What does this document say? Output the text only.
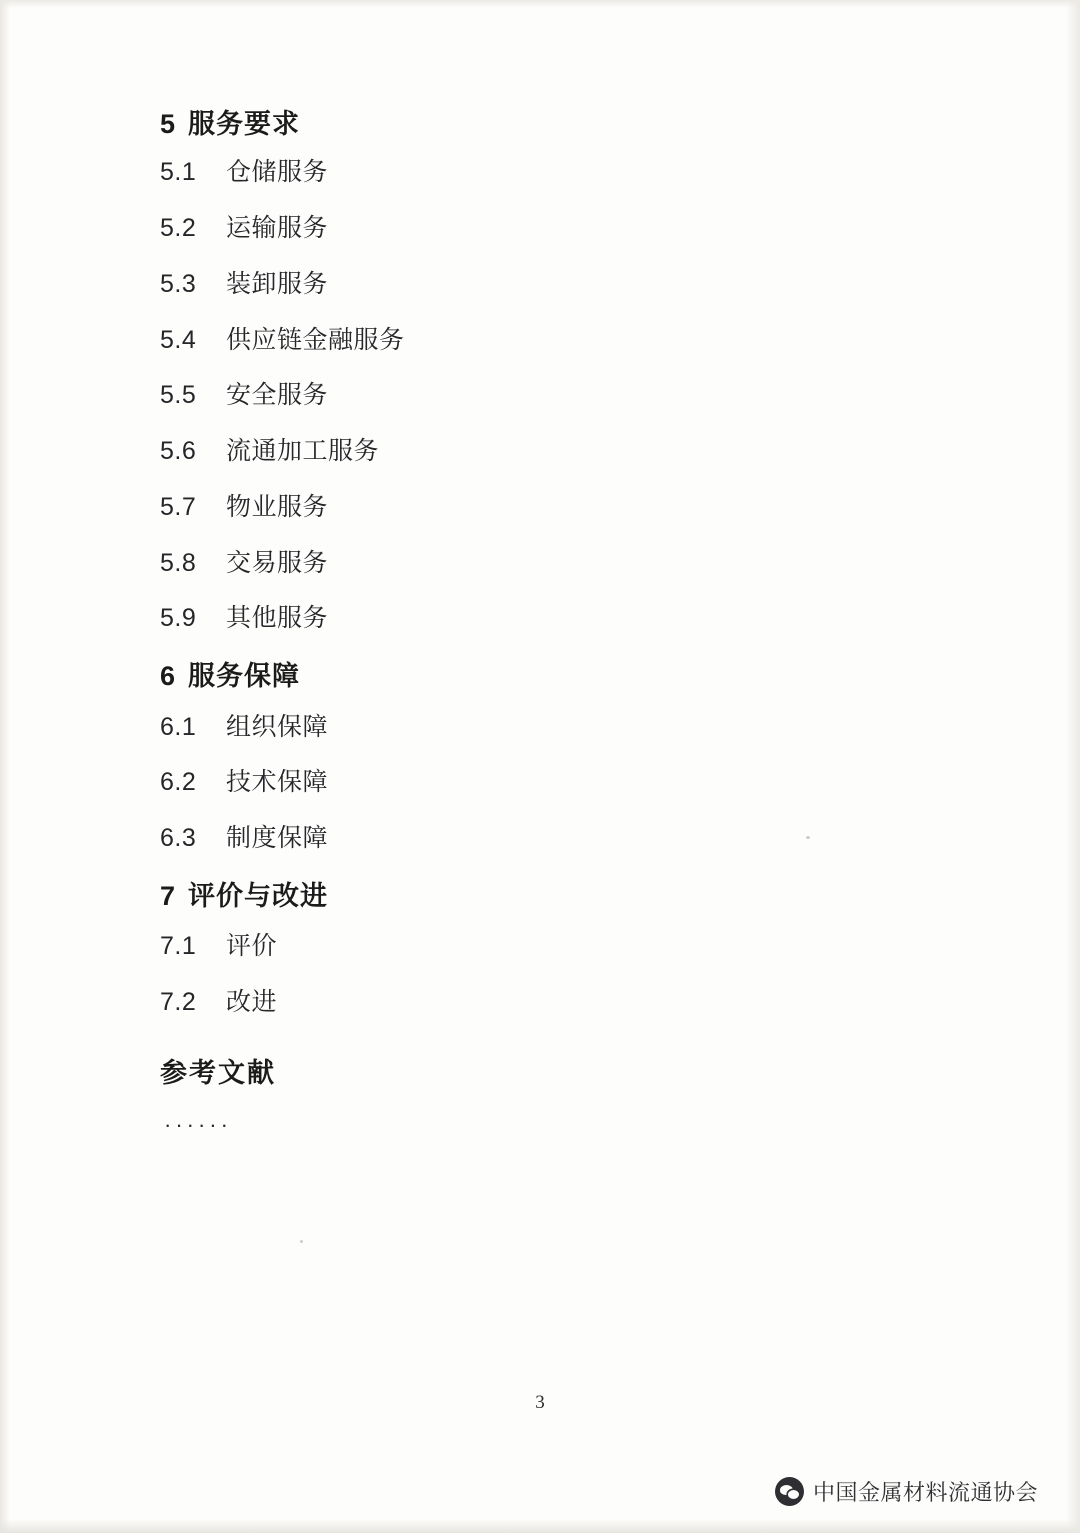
5 服务要求
5.1	仓储服务
5.2	运输服务
5.3	装卸服务
5.4	供应链金融服务
5.5	安全服务
5.6	流通加工服务
5.7	物业服务
5.8	交易服务
5.9	其他服务
6 服务保障
6.1	组织保障
6.2	技术保障
6.3	制度保障
7 评价与改进
7.1	评价
7.2	改进
参考文献
······
3
中国金属材料流通协会
